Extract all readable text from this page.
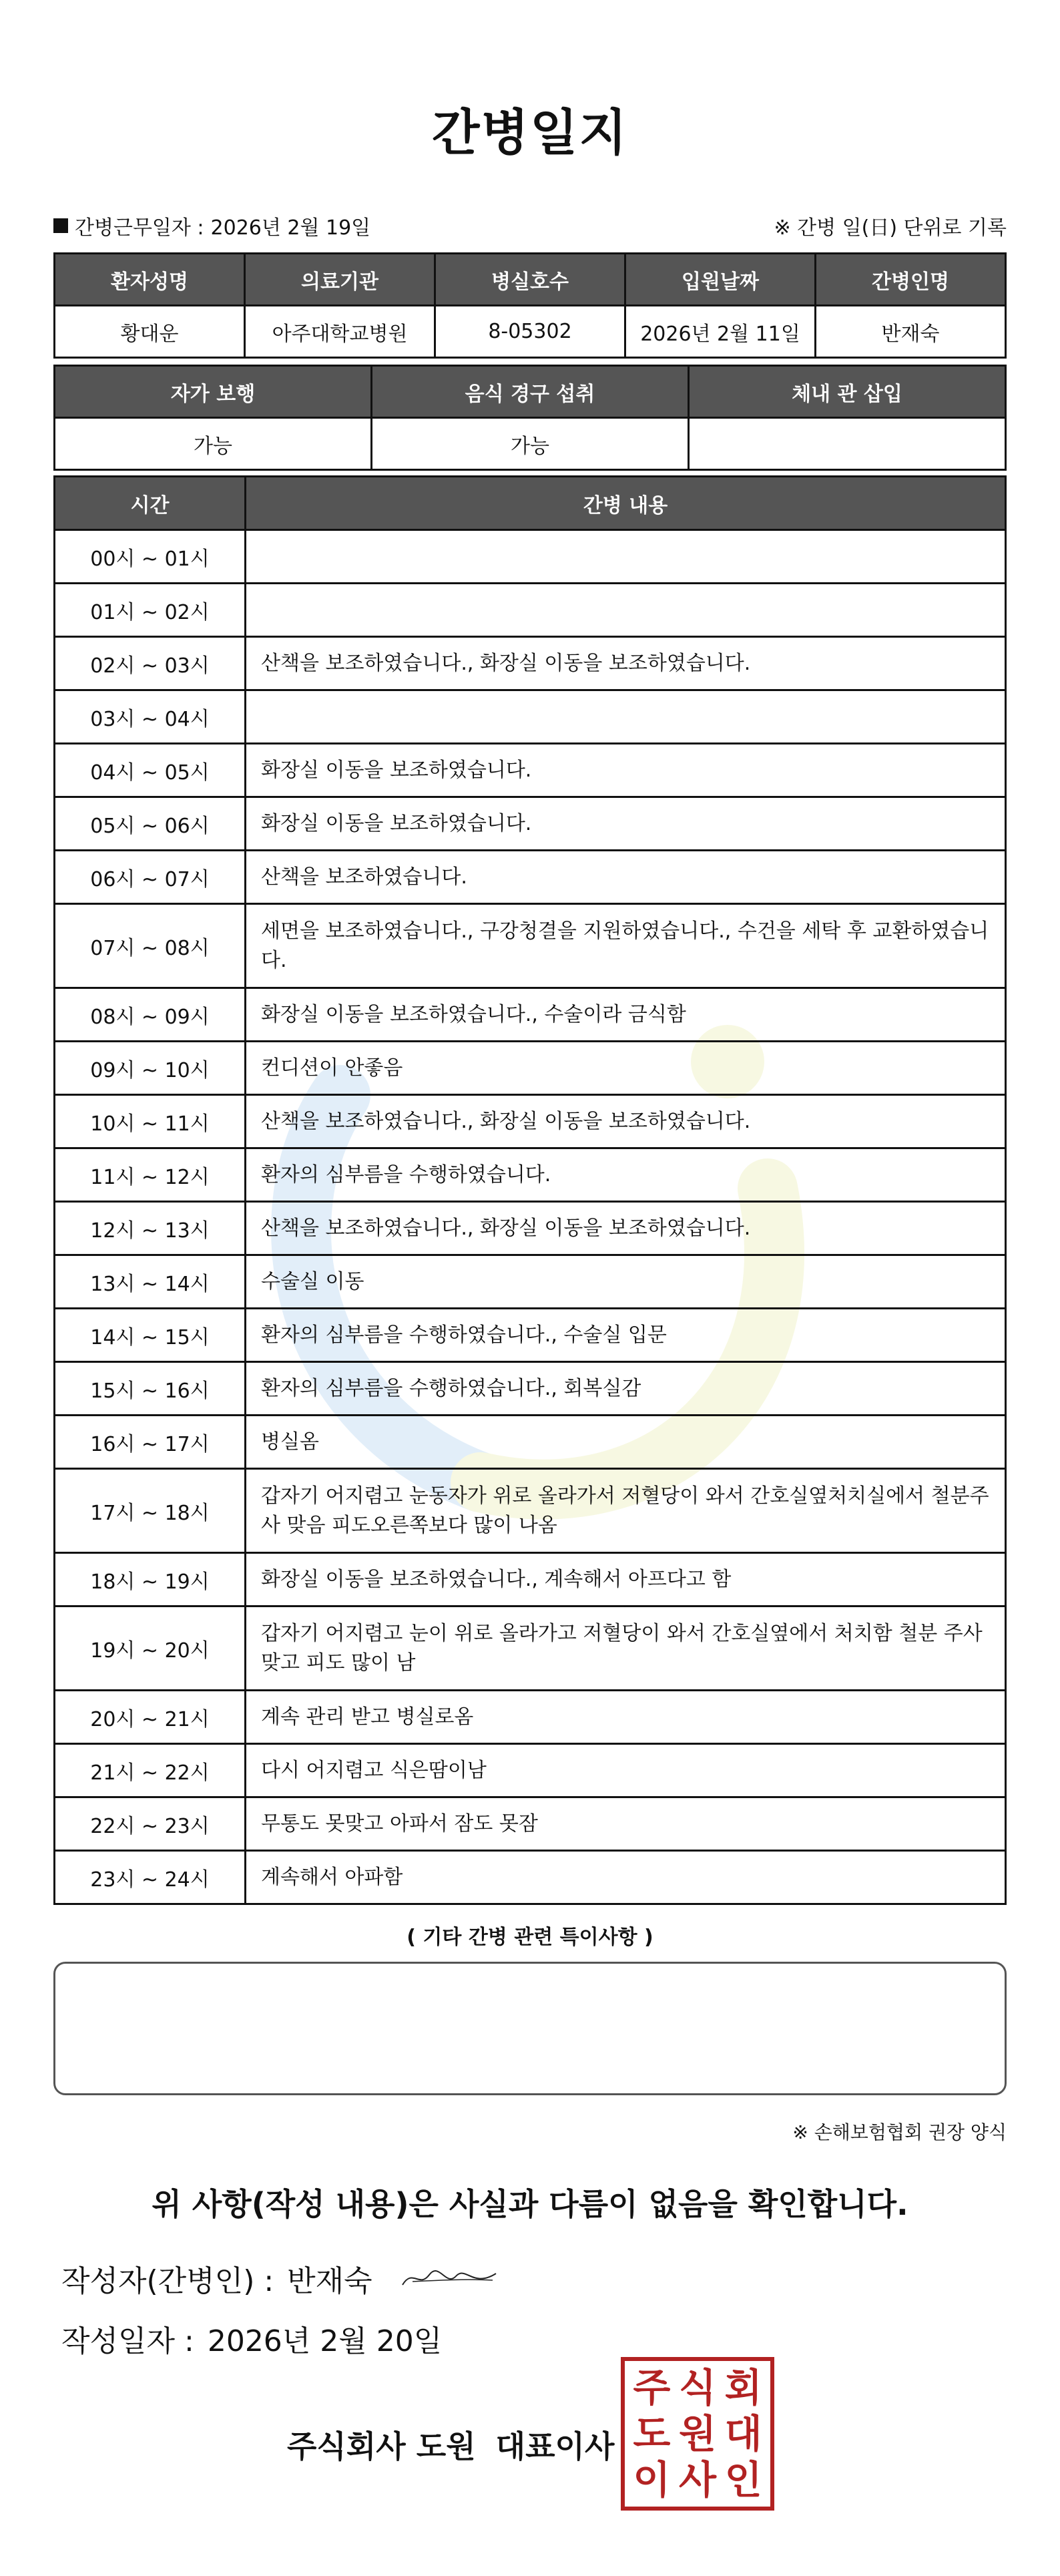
간병일지
간병근무일자 : 2026년 2월 19일	※ 간병 일(日) 단위로 기록
환자성명	의료기관	병실호수	입원날짜	간병인명
황대운	아주대학교병원	8-05302	2026년 2월 11일	반재숙
자가 보행	음식 경구 섭취	체내 관 삽입
가능	가능	
시간	간병 내용
00시 ~ 01시	
01시 ~ 02시	
02시 ~ 03시	산책을 보조하였습니다., 화장실 이동을 보조하였습니다.
03시 ~ 04시	
04시 ~ 05시	화장실 이동을 보조하였습니다.
05시 ~ 06시	화장실 이동을 보조하였습니다.
06시 ~ 07시	산책을 보조하였습니다.
07시 ~ 08시	세면을 보조하였습니다., 구강청결을 지원하였습니다., 수건을 세탁 후 교환하였습니다.
08시 ~ 09시	화장실 이동을 보조하였습니다., 수술이라 금식함
09시 ~ 10시	컨디션이 안좋음
10시 ~ 11시	산책을 보조하였습니다., 화장실 이동을 보조하였습니다.
11시 ~ 12시	환자의 심부름을 수행하였습니다.
12시 ~ 13시	산책을 보조하였습니다., 화장실 이동을 보조하였습니다.
13시 ~ 14시	수술실 이동
14시 ~ 15시	환자의 심부름을 수행하였습니다., 수술실 입문
15시 ~ 16시	환자의 심부름을 수행하였습니다., 회복실감
16시 ~ 17시	병실옴
17시 ~ 18시	갑자기 어지렴고 눈동자가 위로 올라가서 저혈당이 와서 간호실옆처치실에서 철분주사 맞음 피도오른쪽보다 많이 나옴
18시 ~ 19시	화장실 이동을 보조하였습니다., 계속해서 아프다고 함
19시 ~ 20시	갑자기 어지렴고 눈이 위로 올라가고 저혈당이 와서 간호실옆에서 처치함 철분 주사맞고 피도 많이 남
20시 ~ 21시	계속 관리 받고 병실로옴
21시 ~ 22시	다시 어지렴고 식은땀이남
22시 ~ 23시	무통도 못맞고 아파서 잠도 못잠
23시 ~ 24시	계속해서 아파함
( 기타 간병 관련 특이사항 )
※ 손해보험협회 권장 양식
위 사항(작성 내용)은 사실과 다름이 없음을 확인합니다.
작성자(간병인) : 반재숙
작성일자 : 2026년 2월 20일
주식회사 도원 대표이사
주 식 회
도 원 대
이 사 인
